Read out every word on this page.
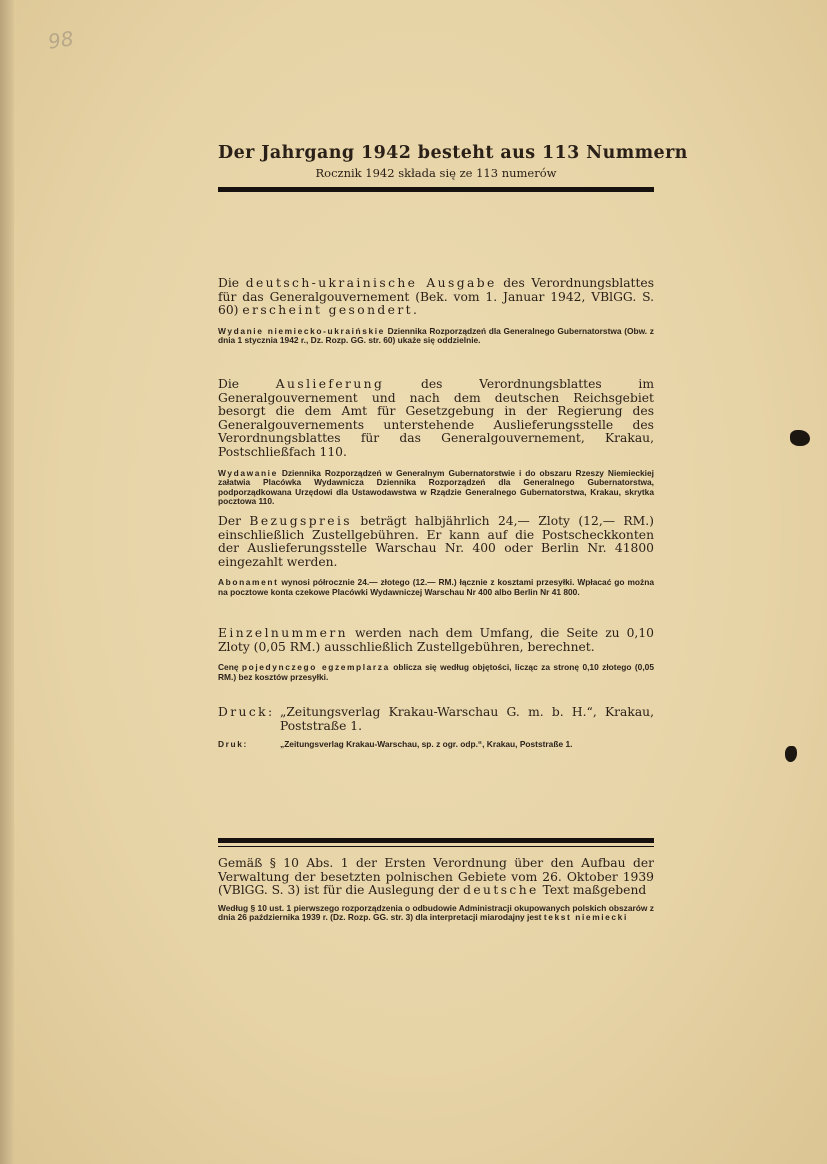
98
Der Jahrgang 1942 besteht aus 113 Nummern
Rocznik 1942 składa się ze 113 numerów

Die deutsch-ukrainische Ausgabe des Verordnungsblattes für das Generalgouvernement (Bek. vom 1. Januar 1942, VBlGG. S. 60) erscheint gesondert.

Wydanie niemiecko-ukraińskie Dziennika Rozporządzeń dla Generalnego Gubernatorstwa (Obw. z dnia 1 stycznia 1942 r., Dz. Rozp. GG. str. 60) ukaże się oddzielnie.

Die Auslieferung des Verordnungsblattes im Generalgouvernement und nach dem deutschen Reichsgebiet besorgt die dem Amt für Gesetzgebung in der Regierung des Generalgouvernements unterstehende Auslieferungsstelle des Verordnungsblattes für das Generalgouvernement, Krakau, Postschließfach 110.

Wydawanie Dziennika Rozporządzeń w Generalnym Gubernatorstwie i do obszaru Rzeszy Niemieckiej załatwia Placówka Wydawnicza Dziennika Rozporządzeń dla Generalnego Gubernatorstwa, podporządkowana Urzędowi dla Ustawodawstwa w Rządzie Generalnego Gubernatorstwa, Krakau, skrytka pocztowa 110.

Der Bezugspreis beträgt halbjährlich 24,— Zloty (12,— RM.) einschließlich Zustellgebühren. Er kann auf die Postscheckkonten der Auslieferungsstelle Warschau Nr. 400 oder Berlin Nr. 41800 eingezahlt werden.

Abonament wynosi półrocznie 24.— złotego (12.— RM.) łącznie z kosztami przesyłki. Wpłacać go można na pocztowe konta czekowe Placówki Wydawniczej Warschau Nr 400 albo Berlin Nr 41 800.

Einzelnummern werden nach dem Umfang, die Seite zu 0,10 Zloty (0,05 RM.) ausschließlich Zustellgebühren, berechnet.

Cenę pojedynczego egzemplarza oblicza się według objętości, licząc za stronę 0,10 złotego (0,05 RM.) bez kosztów przesyłki.

Druck: „Zeitungsverlag Krakau-Warschau G. m. b. H.“, Krakau, Poststraße 1.
Druk:	„Zeitungsverlag Krakau-Warschau, sp. z ogr. odp.“, Krakau, Poststraße 1.

Gemäß § 10 Abs. 1 der Ersten Verordnung über den Aufbau der Verwaltung der besetzten polnischen Gebiete vom 26. Oktober 1939 (VBlGG. S. 3) ist für die Auslegung der deutsche Text maßgebend

Według § 10 ust. 1 pierwszego rozporządzenia o odbudowie Administracji okupowanych polskich obszarów z dnia 26 października 1939 r. (Dz. Rozp. GG. str. 3) dla interpretacji miarodajny jest tekst niemiecki
